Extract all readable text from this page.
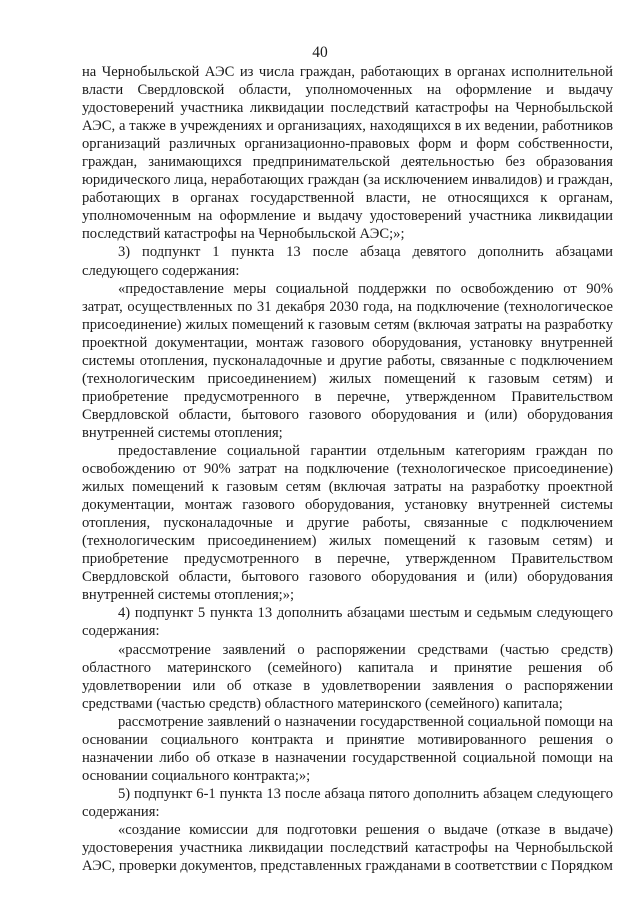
40

на Чернобыльской АЭС из числа граждан, работающих в органах исполнительной власти Свердловской области, уполномоченных на оформление и выдачу удостоверений участника ликвидации последствий катастрофы на Чернобыльской АЭС, а также в учреждениях и организациях, находящихся в их ведении, работников организаций различных организационно-правовых форм и форм собственности, граждан, занимающихся предпринимательской деятельностью без образования юридического лица, неработающих граждан (за исключением инвалидов) и граждан, работающих в органах государственной власти, не относящихся к органам, уполномоченным на оформление и выдачу удостоверений участника ликвидации последствий катастрофы на Чернобыльской АЭС;»;

3) подпункт 1 пункта 13 после абзаца девятого дополнить абзацами следующего содержания:

«предоставление меры социальной поддержки по освобождению от 90% затрат, осуществленных по 31 декабря 2030 года, на подключение (технологическое присоединение) жилых помещений к газовым сетям (включая затраты на разработку проектной документации, монтаж газового оборудования, установку внутренней системы отопления, пусконаладочные и другие работы, связанные с подключением (технологическим присоединением) жилых помещений к газовым сетям) и приобретение предусмотренного в перечне, утвержденном Правительством Свердловской области, бытового газового оборудования и (или) оборудования внутренней системы отопления;

предоставление социальной гарантии отдельным категориям граждан по освобождению от 90% затрат на подключение (технологическое присоединение) жилых помещений к газовым сетям (включая затраты на разработку проектной документации, монтаж газового оборудования, установку внутренней системы отопления, пусконаладочные и другие работы, связанные с подключением (технологическим присоединением) жилых помещений к газовым сетям) и приобретение предусмотренного в перечне, утвержденном Правительством Свердловской области, бытового газового оборудования и (или) оборудования внутренней системы отопления;»;

4) подпункт 5 пункта 13 дополнить абзацами шестым и седьмым следующего содержания:

«рассмотрение заявлений о распоряжении средствами (частью средств) областного материнского (семейного) капитала и принятие решения об удовлетворении или об отказе в удовлетворении заявления о распоряжении средствами (частью средств) областного материнского (семейного) капитала;

рассмотрение заявлений о назначении государственной социальной помощи на основании социального контракта и принятие мотивированного решения о назначении либо об отказе в назначении государственной социальной помощи на основании социального контракта;»;

5) подпункт 6-1 пункта 13 после абзаца пятого дополнить абзацем следующего содержания:

«создание комиссии для подготовки решения о выдаче (отказе в выдаче) удостоверения участника ликвидации последствий катастрофы на Чернобыльской АЭС, проверки документов, представленных гражданами в соответствии с Порядком
